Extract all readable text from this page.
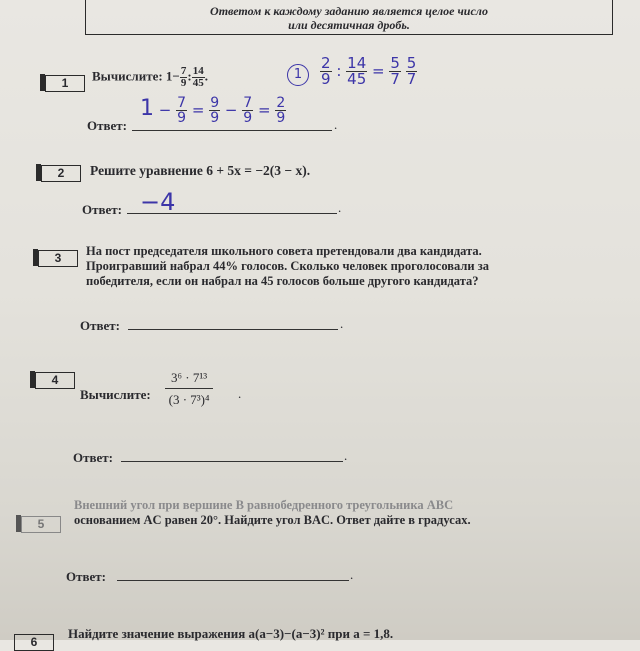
Ответом к каждому заданию является целое число
или десятичная дробь.
1	Вычислите: $1- \frac{7}{9}$ : $\frac{14}{45}$ .	1	$\frac{2}{9}$ : $\frac{14}{45} = \frac{5}{7}$
$\frac{5}{7}$
Ответ:	.
$1 - \frac{7}{9} = \frac{9}{9} - \frac{7}{9} = \frac{2}{9}$
2	Решите уравнение 6 + 5x = −2(3 − x).
Ответ:	.
−4
3	На пост председателя школьного совета претендовали два кандидата.
Проигравший набрал 44% голосов. Сколько человек проголосовали за
победителя, если он набрал на 45 голосов больше другого кандидата?
Ответ:	.
4
Вычислите: $\frac{\text{3⁶ · 7¹³}}{\text{(3 · 7³)⁴}}$ .
Ответ:	.
5
Внешний угол при вершине B равнобедренного треугольника ABC
основанием AC равен 20°. Найдите угол BAC. Ответ дайте в градусах.
Ответ:	.
6
Найдите значение выражения a(a−3)−(a−3)² при a = 1,8.
